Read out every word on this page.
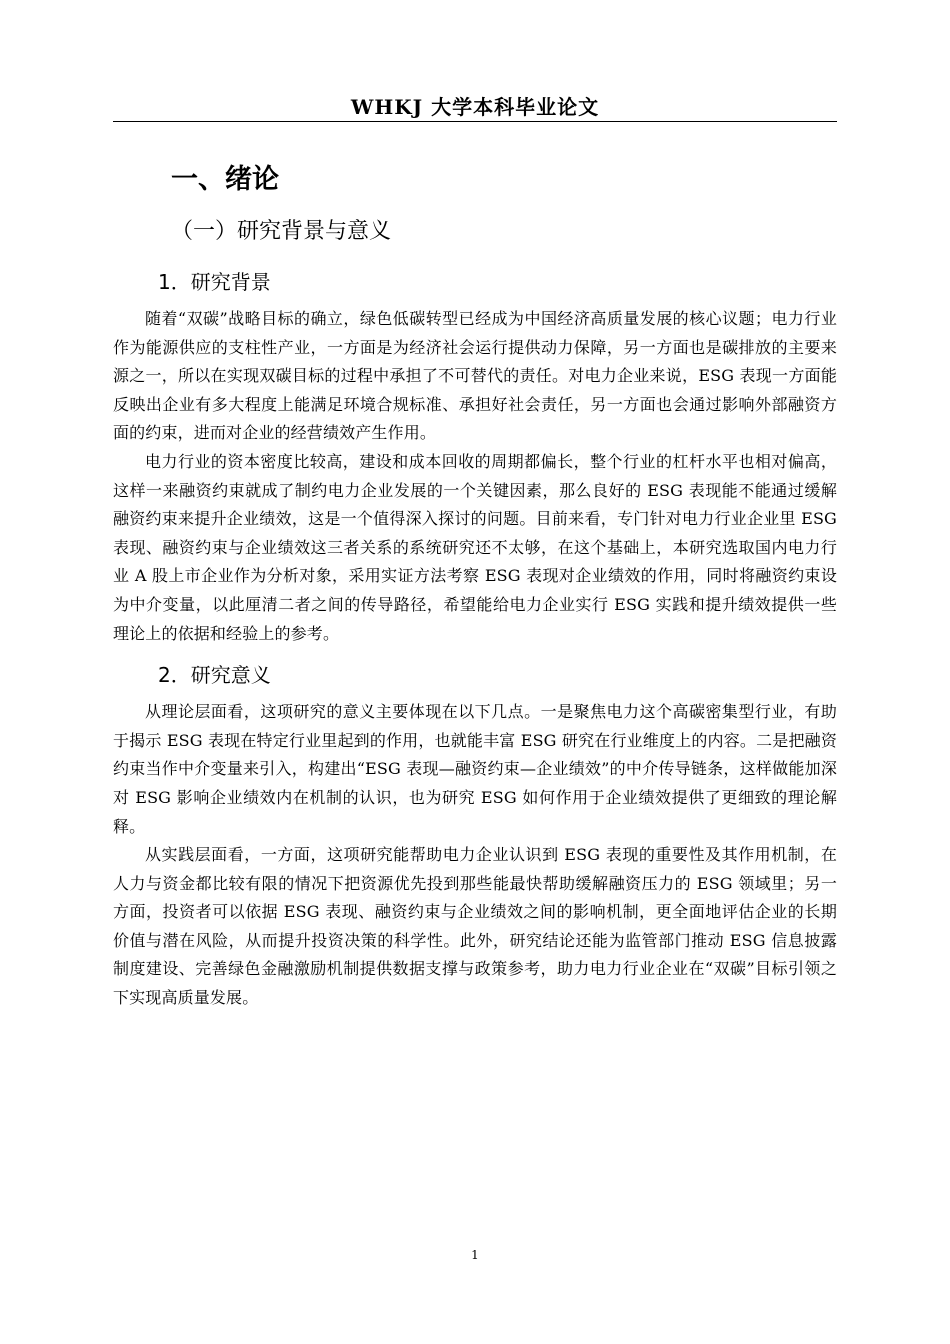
WHKJ 大学本科毕业论文
一、绪论
（一）研究背景与意义
1．研究背景

随着“双碳”战略目标的确立，绿色低碳转型已经成为中国经济高质量发展的核心议题；电力行业作为能源供应的支柱性产业，一方面是为经济社会运行提供动力保障，另一方面也是碳排放的主要来源之一，所以在实现双碳目标的过程中承担了不可替代的责任。对电力企业来说，ESG 表现一方面能反映出企业有多大程度上能满足环境合规标准、承担好社会责任，另一方面也会通过影响外部融资方面的约束，进而对企业的经营绩效产生作用。

电力行业的资本密度比较高，建设和成本回收的周期都偏长，整个行业的杠杆水平也相对偏高，这样一来融资约束就成了制约电力企业发展的一个关键因素，那么良好的 ESG 表现能不能通过缓解融资约束来提升企业绩效，这是一个值得深入探讨的问题。目前来看，专门针对电力行业企业里 ESG 表现、融资约束与企业绩效这三者关系的系统研究还不太够，在这个基础上，本研究选取国内电力行业 A 股上市企业作为分析对象，采用实证方法考察 ESG 表现对企业绩效的作用，同时将融资约束设为中介变量，以此厘清二者之间的传导路径，希望能给电力企业实行 ESG 实践和提升绩效提供一些理论上的依据和经验上的参考。

2．研究意义

从理论层面看，这项研究的意义主要体现在以下几点。一是聚焦电力这个高碳密集型行业，有助于揭示 ESG 表现在特定行业里起到的作用，也就能丰富 ESG 研究在行业维度上的内容。二是把融资约束当作中介变量来引入，构建出“ESG 表现—融资约束—企业绩效”的中介传导链条，这样做能加深对 ESG 影响企业绩效内在机制的认识，也为研究 ESG 如何作用于企业绩效提供了更细致的理论解释。

从实践层面看，一方面，这项研究能帮助电力企业认识到 ESG 表现的重要性及其作用机制，在人力与资金都比较有限的情况下把资源优先投到那些能最快帮助缓解融资压力的 ESG 领域里；另一方面，投资者可以依据 ESG 表现、融资约束与企业绩效之间的影响机制，更全面地评估企业的长期价值与潜在风险，从而提升投资决策的科学性。此外，研究结论还能为监管部门推动 ESG 信息披露制度建设、完善绿色金融激励机制提供数据支撑与政策参考，助力电力行业企业在“双碳”目标引领之下实现高质量发展。

1
